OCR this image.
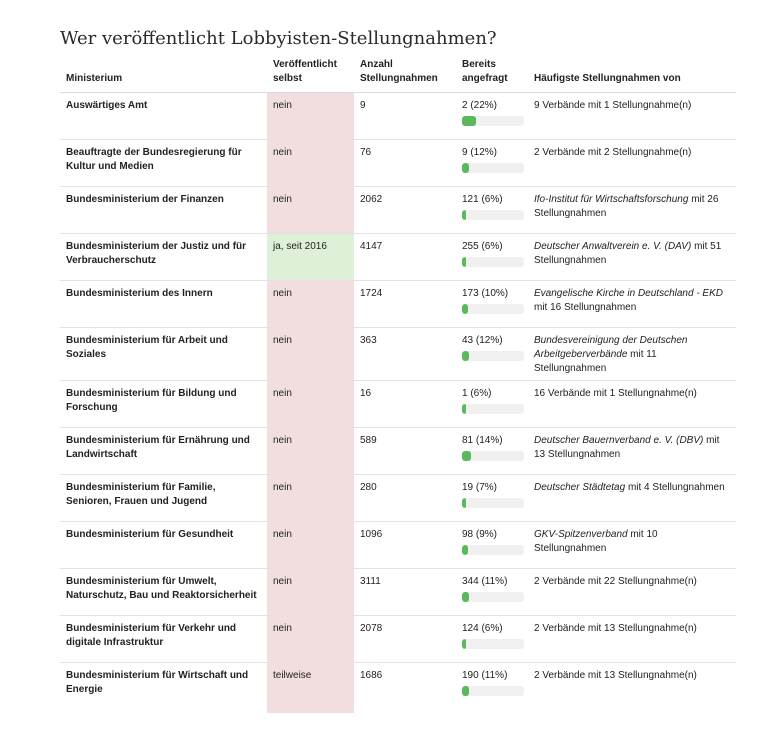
Wer veröffentlicht Lobbyisten-Stellungnahmen?
Ministerium	Veröffentlicht selbst	Anzahl Stellungnahmen	Bereits angefragt	Häufigste Stellungnahmen von
Auswärtiges Amt	nein	9	2 (22%)	9 Verbände mit 1 Stellungnahme(n)
Beauftragte der Bundesregierung für Kultur und Medien	nein	76	9 (12%)	2 Verbände mit 2 Stellungnahme(n)
Bundesministerium der Finanzen	nein	2062	121 (6%)	Ifo-Institut für Wirtschaftsforschung mit 26 Stellungnahmen
Bundesministerium der Justiz und für Verbraucherschutz	ja, seit 2016	4147	255 (6%)	Deutscher Anwaltverein e. V. (DAV) mit 51 Stellungnahmen
Bundesministerium des Innern	nein	1724	173 (10%)	Evangelische Kirche in Deutschland - EKD mit 16 Stellungnahmen
Bundesministerium für Arbeit und Soziales	nein	363	43 (12%)	Bundesvereinigung der Deutschen Arbeitgeberverbände mit 11 Stellungnahmen
Bundesministerium für Bildung und Forschung	nein	16	1 (6%)	16 Verbände mit 1 Stellungnahme(n)
Bundesministerium für Ernährung und Landwirtschaft	nein	589	81 (14%)	Deutscher Bauernverband e. V. (DBV) mit 13 Stellungnahmen
Bundesministerium für Familie, Senioren, Frauen und Jugend	nein	280	19 (7%)	Deutscher Städtetag mit 4 Stellungnahmen
Bundesministerium für Gesundheit	nein	1096	98 (9%)	GKV-Spitzenverband mit 10 Stellungnahmen
Bundesministerium für Umwelt, Naturschutz, Bau und Reaktorsicherheit	nein	3111	344 (11%)	2 Verbände mit 22 Stellungnahme(n)
Bundesministerium für Verkehr und digitale Infrastruktur	nein	2078	124 (6%)	2 Verbände mit 13 Stellungnahme(n)
Bundesministerium für Wirtschaft und Energie	teilweise	1686	190 (11%)	2 Verbände mit 13 Stellungnahme(n)
